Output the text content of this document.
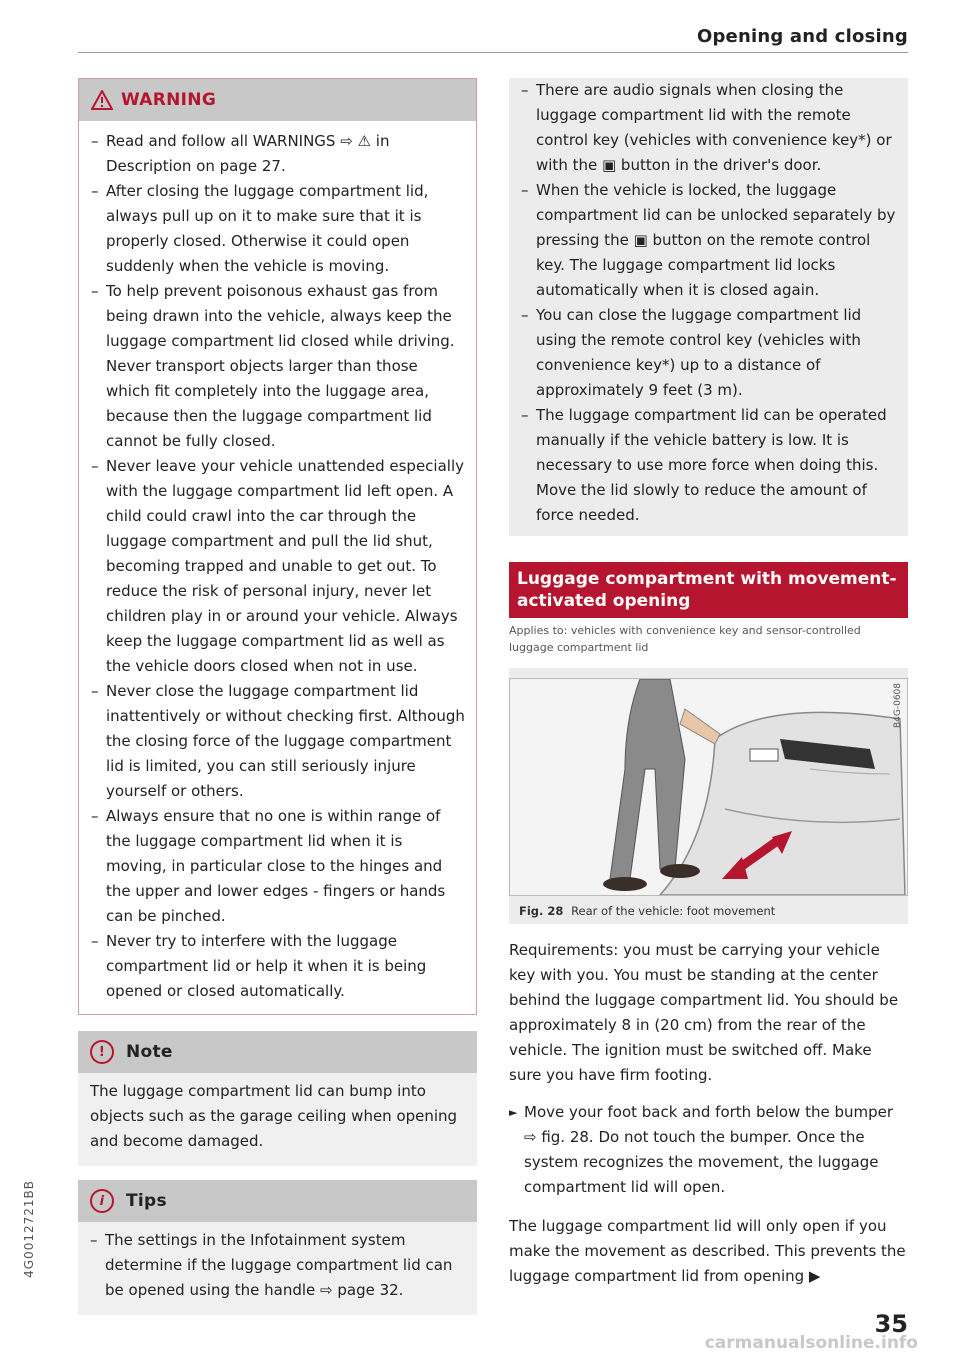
Opening and closing
WARNING
– Read and follow all WARNINGS ⇨ ⚠ in Description on page 27.
– After closing the luggage compartment lid, always pull up on it to make sure that it is properly closed. Otherwise it could open suddenly when the vehicle is moving.
– To help prevent poisonous exhaust gas from being drawn into the vehicle, always keep the luggage compartment lid closed while driving. Never transport objects larger than those which fit completely into the luggage area, because then the luggage compartment lid cannot be fully closed.
– Never leave your vehicle unattended especially with the luggage compartment lid left open. A child could crawl into the car through the luggage compartment and pull the lid shut, becoming trapped and unable to get out. To reduce the risk of personal injury, never let children play in or around your vehicle. Always keep the luggage compartment lid as well as the vehicle doors closed when not in use.
– Never close the luggage compartment lid inattentively or without checking first. Although the closing force of the luggage compartment lid is limited, you can still seriously injure yourself or others.
– Always ensure that no one is within range of the luggage compartment lid when it is moving, in particular close to the hinges and the upper and lower edges - fingers or hands can be pinched.
– Never try to interfere with the luggage compartment lid or help it when it is being opened or closed automatically.
!	Note
The luggage compartment lid can bump into objects such as the garage ceiling when opening and become damaged.
i	Tips
– The settings in the Infotainment system determine if the luggage compartment lid can be opened using the handle ⇨ page 32.
– There are audio signals when closing the luggage compartment lid with the remote control key (vehicles with convenience key*) or with the ▣ button in the driver's door.
– When the vehicle is locked, the luggage compartment lid can be unlocked separately by pressing the ▣ button on the remote control key. The luggage compartment lid locks automatically when it is closed again.
– You can close the luggage compartment lid using the remote control key (vehicles with convenience key*) up to a distance of approximately 9 feet (3 m).
– The luggage compartment lid can be operated manually if the vehicle battery is low. It is necessary to use more force when doing this. Move the lid slowly to reduce the amount of force needed.
Luggage compartment with movement-activated opening
Applies to: vehicles with convenience key and sensor-controlled luggage compartment lid
B4G-0608
Fig. 28 Rear of the vehicle: foot movement
Requirements: you must be carrying your vehicle key with you. You must be standing at the center behind the luggage compartment lid. You should be approximately 8 in (20 cm) from the rear of the vehicle. The ignition must be switched off. Make sure you have firm footing.
► Move your foot back and forth below the bumper ⇨ fig. 28. Do not touch the bumper. Once the system recognizes the movement, the luggage compartment lid will open.
The luggage compartment lid will only open if you make the movement as described. This prevents the luggage compartment lid from opening ▶
35
4G0012721BB
carmanualsonline.info
